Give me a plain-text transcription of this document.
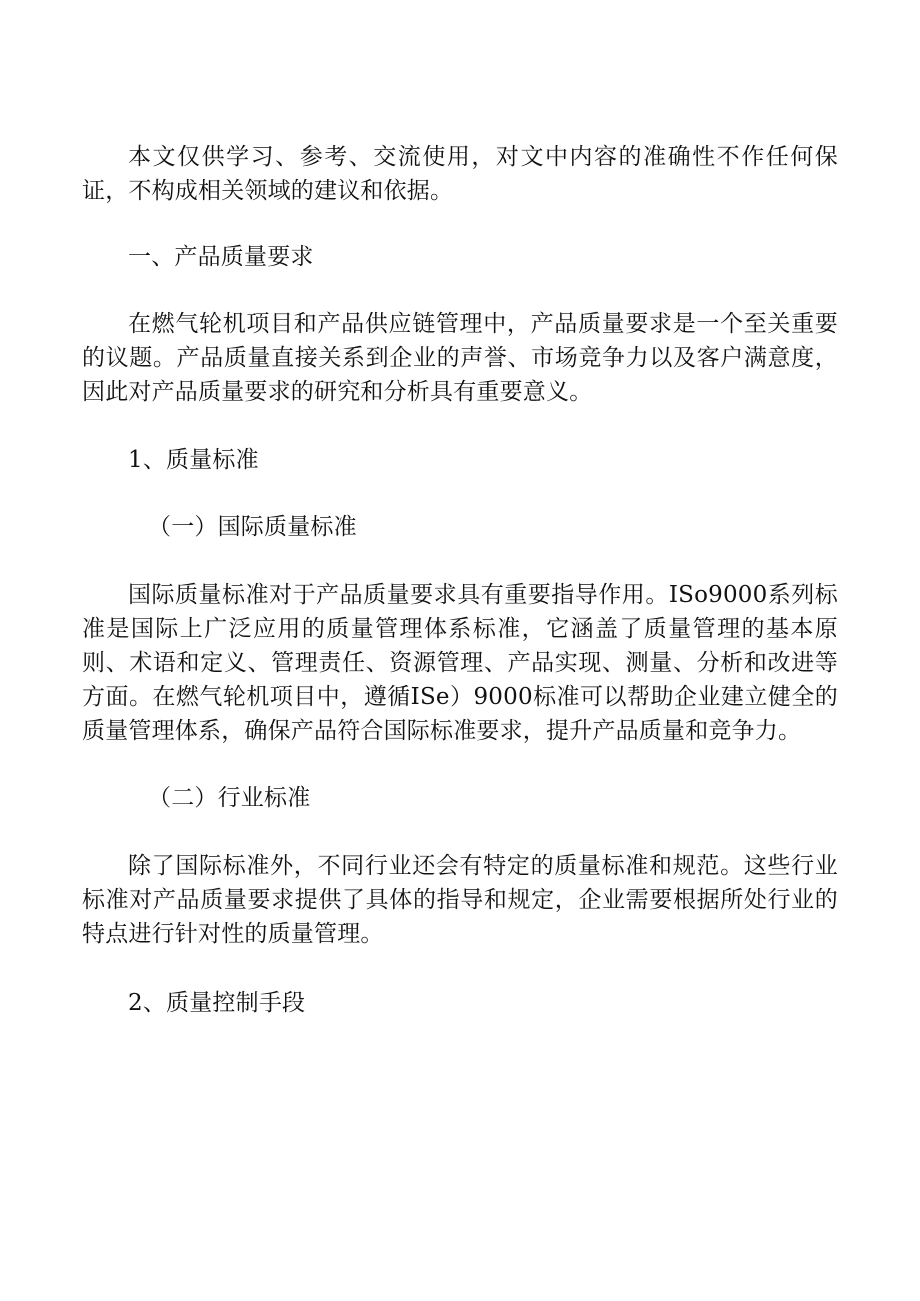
本文仅供学习、参考、交流使用，对文中内容的准确性不作任何保证，不构成相关领域的建议和依据。

一、产品质量要求

在燃气轮机项目和产品供应链管理中，产品质量要求是一个至关重要的议题。产品质量直接关系到企业的声誉、市场竞争力以及客户满意度，因此对产品质量要求的研究和分析具有重要意义。

1、质量标准

（一）国际质量标准

国际质量标准对于产品质量要求具有重要指导作用。ISo9000系列标准是国际上广泛应用的质量管理体系标准，它涵盖了质量管理的基本原则、术语和定义、管理责任、资源管理、产品实现、测量、分析和改进等方面。在燃气轮机项目中，遵循ISe）9000标准可以帮助企业建立健全的质量管理体系，确保产品符合国际标准要求，提升产品质量和竞争力。

（二）行业标准

除了国际标准外，不同行业还会有特定的质量标准和规范。这些行业标准对产品质量要求提供了具体的指导和规定，企业需要根据所处行业的特点进行针对性的质量管理。

2、质量控制手段
